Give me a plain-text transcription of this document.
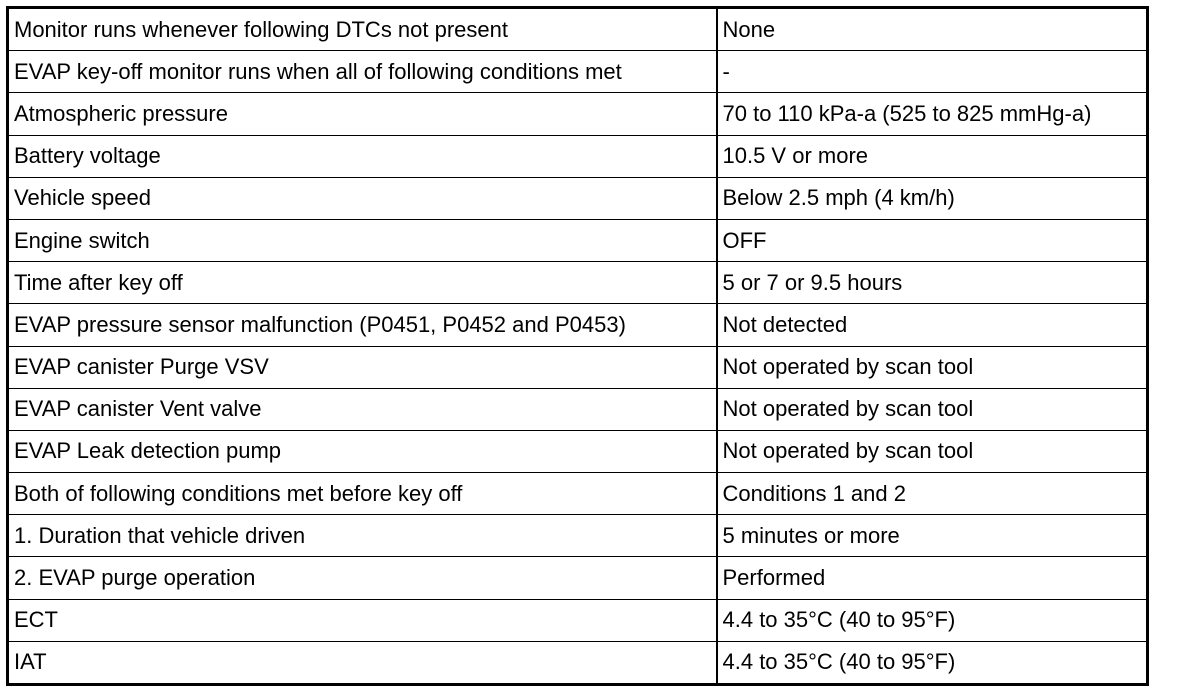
Monitor runs whenever following DTCs not present	None
EVAP key-off monitor runs when all of following conditions met	-
Atmospheric pressure	70 to 110 kPa-a (525 to 825 mmHg-a)
Battery voltage	10.5 V or more
Vehicle speed	Below 2.5 mph (4 km/h)
Engine switch	OFF
Time after key off	5 or 7 or 9.5 hours
EVAP pressure sensor malfunction (P0451, P0452 and P0453)	Not detected
EVAP canister Purge VSV	Not operated by scan tool
EVAP canister Vent valve	Not operated by scan tool
EVAP Leak detection pump	Not operated by scan tool
Both of following conditions met before key off	Conditions 1 and 2
1. Duration that vehicle driven	5 minutes or more
2. EVAP purge operation	Performed
ECT	4.4 to 35°C (40 to 95°F)
IAT	4.4 to 35°C (40 to 95°F)
